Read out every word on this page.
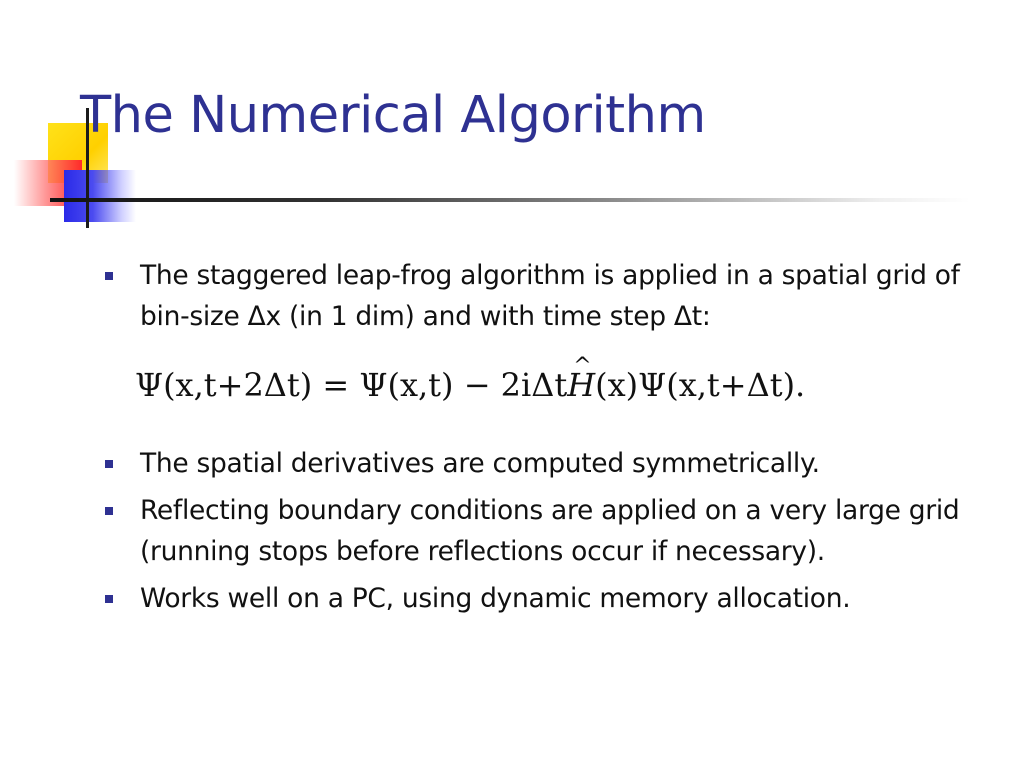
The Numerical Algorithm
The staggered leap-frog algorithm is applied in a spatial grid of bin-size Δx (in 1 dim) and with time step Δt:
Ψ(x,t+2Δt) = Ψ(x,t) − 2iΔt^ H(x)Ψ(x,t+Δt).
The spatial derivatives are computed symmetrically.
Reflecting boundary conditions are applied on a very large grid (running stops before reflections occur if necessary).
Works well on a PC, using dynamic memory allocation.
